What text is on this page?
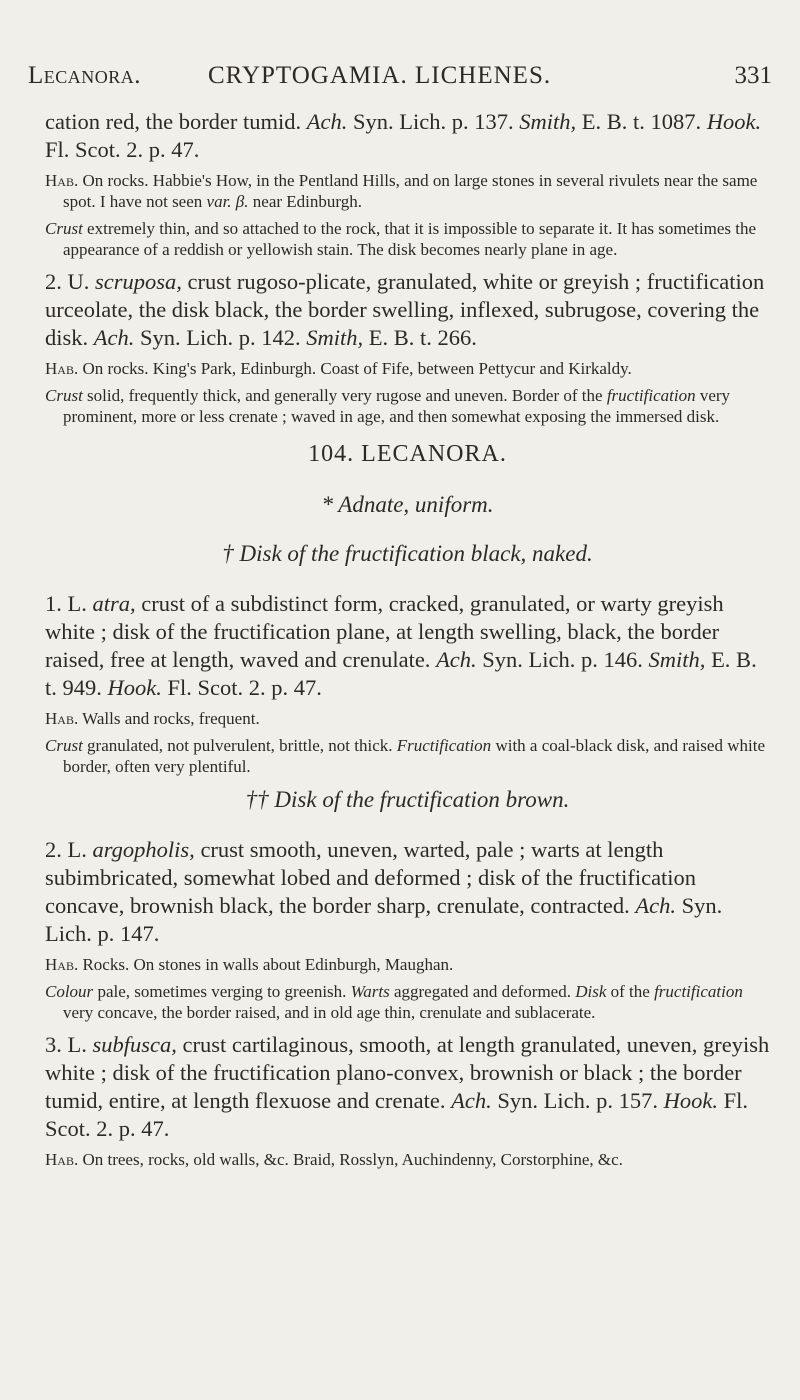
Lecanora.	CRYPTOGAMIA. LICHENES.	331

cation red, the border tumid. Ach. Syn. Lich. p. 137. Smith, E. B. t. 1087. Hook. Fl. Scot. 2. p. 47.

Hab. On rocks. Habbie's How, in the Pentland Hills, and on large stones in several rivulets near the same spot. I have not seen var. β. near Edinburgh.

Crust extremely thin, and so attached to the rock, that it is impossible to separate it. It has sometimes the appearance of a reddish or yellowish stain. The disk becomes nearly plane in age.

2. U. scruposа, crust rugoso-plicate, granulated, white or greyish ; fructification urceolate, the disk black, the border swelling, inflexed, subrugose, covering the disk. Ach. Syn. Lich. p. 142. Smith, E. B. t. 266.

Hab. On rocks. King's Park, Edinburgh. Coast of Fife, between Pettycur and Kirkaldy.

Crust solid, frequently thick, and generally very rugose and uneven. Border of the fructification very prominent, more or less crenate ; waved in age, and then somewhat exposing the immersed disk.

104. LECANORA.

* Adnate, uniform.

† Disk of the fructification black, naked.

1. L. atra, crust of a subdistinct form, cracked, granulated, or warty greyish white ; disk of the fructification plane, at length swelling, black, the border raised, free at length, waved and crenulate. Ach. Syn. Lich. p. 146. Smith, E. B. t. 949. Hook. Fl. Scot. 2. p. 47.

Hab. Walls and rocks, frequent.

Crust granulated, not pulverulent, brittle, not thick. Fructification with a coal-black disk, and raised white border, often very plentiful.

†† Disk of the fructification brown.

2. L. argopholis, crust smooth, uneven, warted, pale ; warts at length subimbricated, somewhat lobed and deformed ; disk of the fructification concave, brownish black, the border sharp, crenulate, contracted. Ach. Syn. Lich. p. 147.

Hab. Rocks. On stones in walls about Edinburgh, Maughan.

Colour pale, sometimes verging to greenish. Warts aggregated and deformed. Disk of the fructification very concave, the border raised, and in old age thin, crenulate and sublacerate.

3. L. subfusca, crust cartilaginous, smooth, at length granulated, uneven, greyish white ; disk of the fructification plano-convex, brownish or black ; the border tumid, entire, at length flexuose and crenate. Ach. Syn. Lich. p. 157. Hook. Fl. Scot. 2. p. 47.

Hab. On trees, rocks, old walls, &c. Braid, Rosslyn, Auchindenny, Corstorphine, &c.
